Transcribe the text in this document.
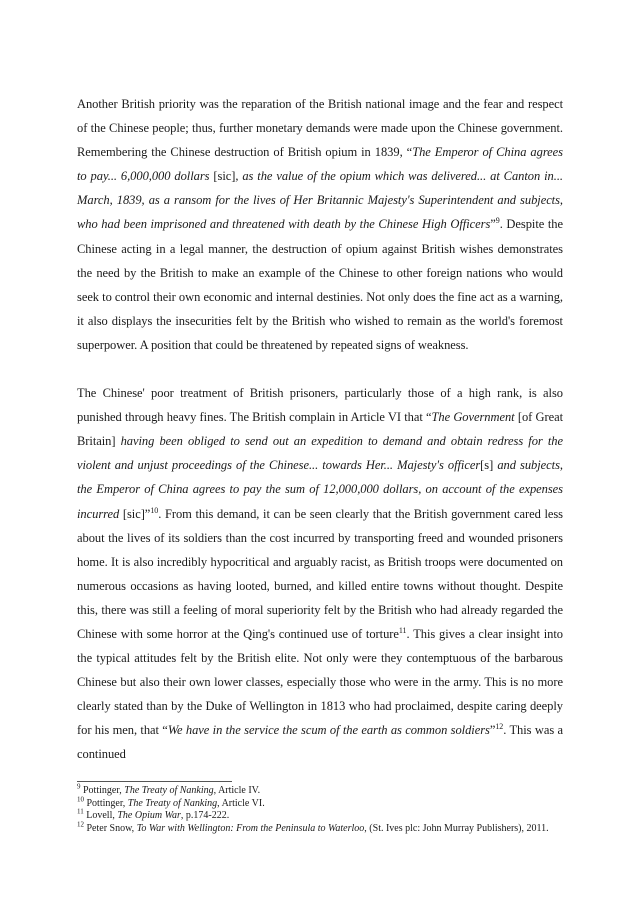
Another British priority was the reparation of the British national image and the fear and respect of the Chinese people; thus, further monetary demands were made upon the Chinese government. Remembering the Chinese destruction of British opium in 1839, “The Emperor of China agrees to pay... 6,000,000 dollars [sic], as the value of the opium which was delivered... at Canton in... March, 1839, as a ransom for the lives of Her Britannic Majesty's Superintendent and subjects, who had been imprisoned and threatened with death by the Chinese High Officers”$^9$. Despite the Chinese acting in a legal manner, the destruction of opium against British wishes demonstrates the need by the British to make an example of the Chinese to other foreign nations who would seek to control their own economic and internal destinies. Not only does the fine act as a warning, it also displays the insecurities felt by the British who wished to remain as the world's foremost superpower. A position that could be threatened by repeated signs of weakness.

The Chinese' poor treatment of British prisoners, particularly those of a high rank, is also punished through heavy fines. The British complain in Article VI that “The Government [of Great Britain] having been obliged to send out an expedition to demand and obtain redress for the violent and unjust proceedings of the Chinese... towards Her... Majesty's officer[s] and subjects, the Emperor of China agrees to pay the sum of 12,000,000 dollars, on account of the expenses incurred [sic]”$^{10}$. From this demand, it can be seen clearly that the British government cared less about the lives of its soldiers than the cost incurred by transporting freed and wounded prisoners home. It is also incredibly hypocritical and arguably racist, as British troops were documented on numerous occasions as having looted, burned, and killed entire towns without thought. Despite this, there was still a feeling of moral superiority felt by the British who had already regarded the Chinese with some horror at the Qing's continued use of torture$^{11}$. This gives a clear insight into the typical attitudes felt by the British elite. Not only were they contemptuous of the barbarous Chinese but also their own lower classes, especially those who were in the army. This is no more clearly stated than by the Duke of Wellington in 1813 who had proclaimed, despite caring deeply for his men, that “We have in the service the scum of the earth as common soldiers”$^{12}$. This was a continued

$^9$ Pottinger, The Treaty of Nanking, Article IV.

$^{10}$ Pottinger, The Treaty of Nanking, Article VI.

$^{11}$ Lovell, The Opium War, p.174-222.

$^{12}$ Peter Snow, To War with Wellington: From the Peninsula to Waterloo, (St. Ives plc: John Murray Publishers), 2011.
